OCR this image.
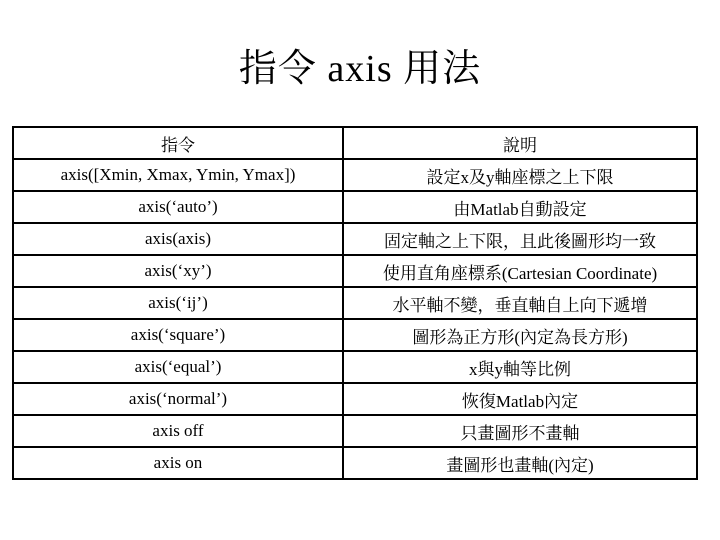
指令 axis 用法
指令	說明
axis([Xmin, Xmax, Ymin, Ymax])	設定x及y軸座標之上下限
axis(‘auto’)	由Matlab自動設定
axis(axis)	固定軸之上下限，且此後圖形均一致
axis(‘xy’)	使用直角座標系(Cartesian Coordinate)
axis(‘ij’)	水平軸不變，垂直軸自上向下遞增
axis(‘square’)	圖形為正方形(內定為長方形)
axis(‘equal’)	x與y軸等比例
axis(‘normal’)	恢復Matlab內定
axis off	只畫圖形不畫軸
axis on	畫圖形也畫軸(內定)
